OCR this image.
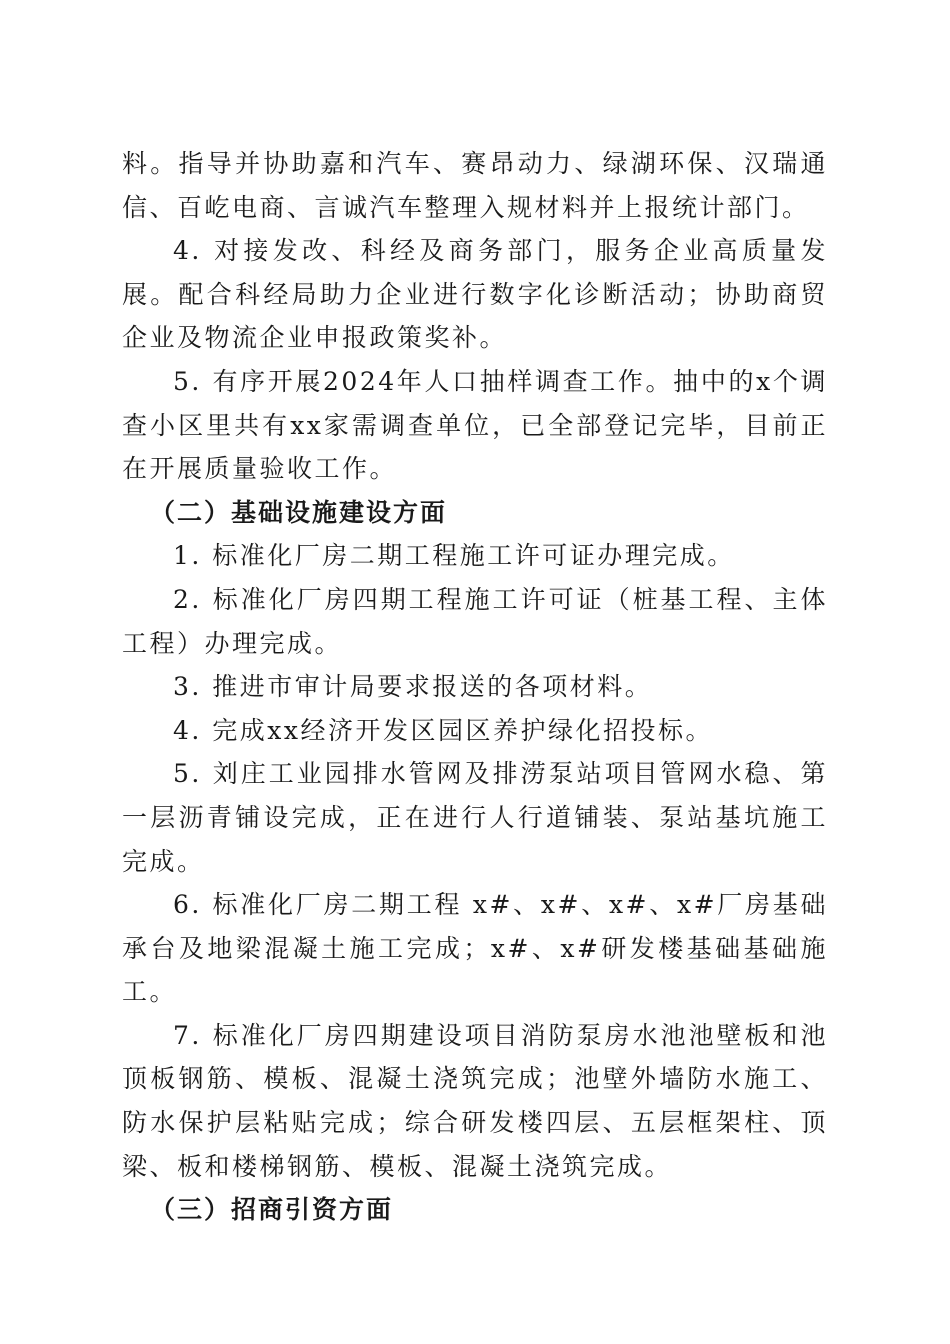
料。指导并协助嘉和汽车、赛昂动力、绿湖环保、汉瑞通信、百屹电商、言诚汽车整理入规材料并上报统计部门。

4. 对接发改、科经及商务部门，服务企业高质量发展。配合科经局助力企业进行数字化诊断活动；协助商贸企业及物流企业申报政策奖补。

5. 有序开展2024年人口抽样调查工作。抽中的x个调查小区里共有xx家需调查单位，已全部登记完毕，目前正在开展质量验收工作。

（二）基础设施建设方面

1. 标准化厂房二期工程施工许可证办理完成。

2. 标准化厂房四期工程施工许可证（桩基工程、主体工程）办理完成。

3. 推进市审计局要求报送的各项材料。

4. 完成xx经济开发区园区养护绿化招投标。

5. 刘庄工业园排水管网及排涝泵站项目管网水稳、第一层沥青铺设完成，正在进行人行道铺装、泵站基坑施工完成。

6. 标准化厂房二期工程 x#、x#、x#、x#厂房基础承台及地梁混凝土施工完成；x#、x#研发楼基础基础施工。

7. 标准化厂房四期建设项目消防泵房水池池壁板和池顶板钢筋、模板、混凝土浇筑完成；池壁外墙防水施工、防水保护层粘贴完成；综合研发楼四层、五层框架柱、顶梁、板和楼梯钢筋、模板、混凝土浇筑完成。

（三）招商引资方面
